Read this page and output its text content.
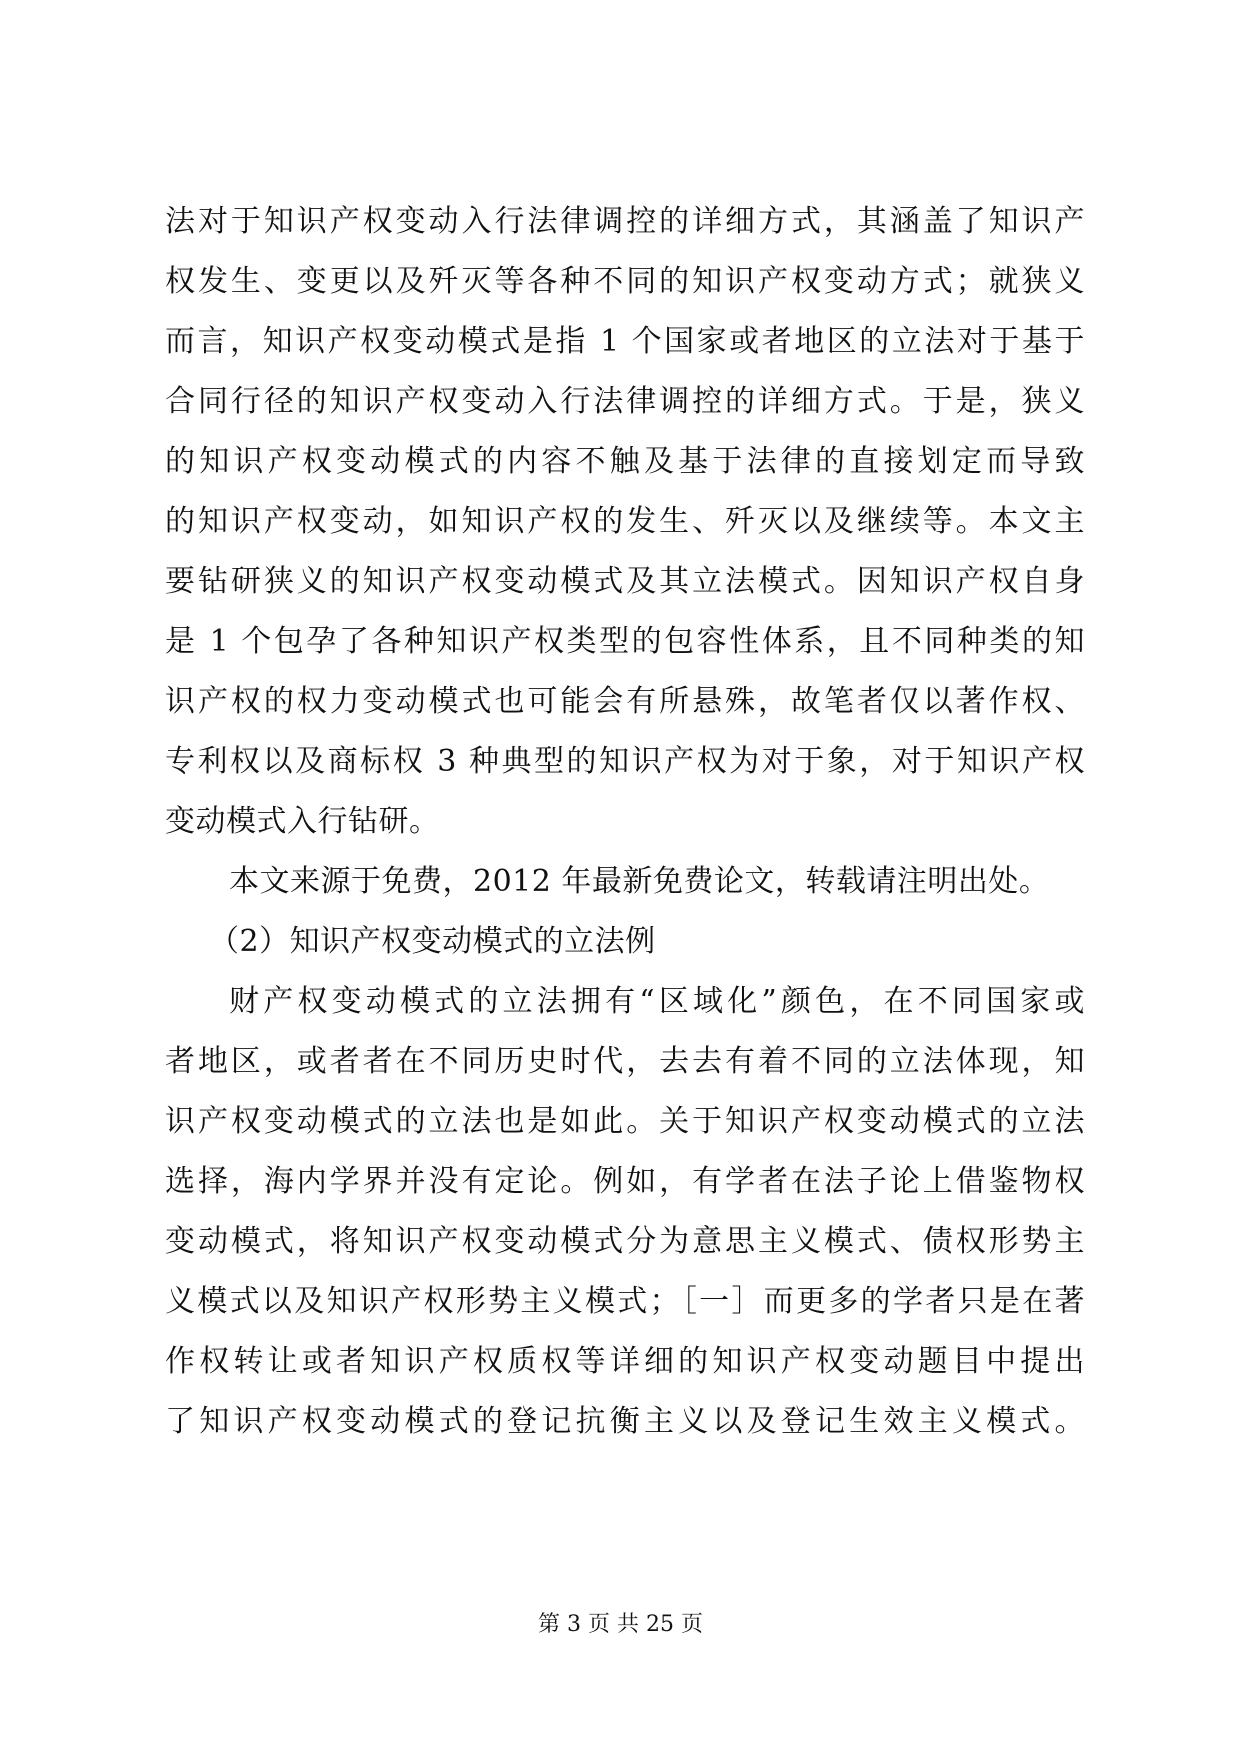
法对于知识产权变动入行法律调控的详细方式，其涵盖了知识产
权发生、变更以及歼灭等各种不同的知识产权变动方式；就狭义
而言，知识产权变动模式是指 1 个国家或者地区的立法对于基于
合同行径的知识产权变动入行法律调控的详细方式。于是，狭义
的知识产权变动模式的内容不触及基于法律的直接划定而导致
的知识产权变动，如知识产权的发生、歼灭以及继续等。本文主
要钻研狭义的知识产权变动模式及其立法模式。因知识产权自身
是 1 个包孕了各种知识产权类型的包容性体系，且不同种类的知
识产权的权力变动模式也可能会有所悬殊，故笔者仅以著作权、
专利权以及商标权 3 种典型的知识产权为对于象，对于知识产权
变动模式入行钻研。
本文来源于免费，2012 年最新免费论文，转载请注明出处。
（2）知识产权变动模式的立法例
财产权变动模式的立法拥有“区域化”颜色，在不同国家或
者地区，或者者在不同历史时代，去去有着不同的立法体现，知
识产权变动模式的立法也是如此。关于知识产权变动模式的立法
选择，海内学界并没有定论。例如，有学者在法子论上借鉴物权
变动模式，将知识产权变动模式分为意思主义模式、债权形势主
义模式以及知识产权形势主义模式；［一］而更多的学者只是在著
作权转让或者知识产权质权等详细的知识产权变动题目中提出
了知识产权变动模式的登记抗衡主义以及登记生效主义模式。
第 3 页 共 25 页
